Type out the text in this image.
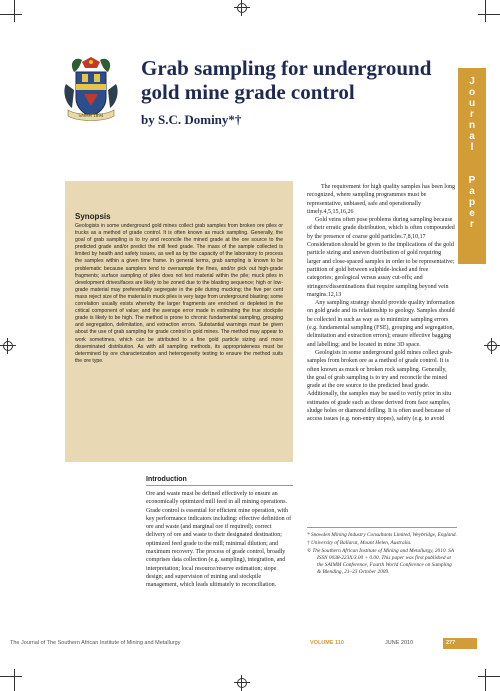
SAIMM 1894
Grab sampling for underground gold mine grade control
by S.C. Dominy*†
J
o
u
r
n
a
l

P
a
p
e
r
Synopsis
Geologists in some underground gold mines collect grab samples from broken ore piles or trucks as a method of grade control. It is often known as muck sampling. Generally, the goal of grab sampling is to try and reconcile the mined grade at the ore source to the predicted grade and/or predict the mill feed grade. The mass of the sample collected is limited by health and safety issues, as well as by the capacity of the laboratory to process the samples within a given time frame. In general terms, grab sampling is known to be problematic because samplers tend to oversample the fines, and/or pick out high-grade fragments; surface sampling of piles does not test material within the pile; muck piles in development drives/faces are likely to be zoned due to the blasting sequence; high or low-grade material may preferentially segregate in the pile during mucking; the five per cent mass reject size of the material in muck piles is very large from underground blasting; some correlation usually exists whereby the larger fragments are enriched or depleted in the critical component of value; and the average error made in estimating the true stockpile grade is likely to be high. The method is prone to chronic fundamental sampling, grouping and segregation, delimitation, and extraction errors. Substantial warnings must be given about the use of grab sampling for grade control in gold mines. The method may appear to work sometimes, which can be attributed to a fine gold particle sizing and more disseminated distribution. As with all sampling methods, its appropriateness must be determined by ore characterization and heterogeneity testing to ensure the method suits the ore type.
Introduction
Ore and waste must be defined effectively to ensure an economically optimized mill feed in all mining operations. Grade control is essential for efficient mine operation, with key performance indicators including: effective definition of ore and waste (and marginal ore if required); correct delivery of ore and waste to their designated destination; optimized feed grade to the mill; minimal dilution; and maximum recovery. The process of grade control, broadly comprises data collection (e.g. sampling), integration, and interpretation; local resource/reserve estimation; stope design; and supervision of mining and stockpile management, which leads ultimately to reconciliation.

The requirement for high quality samples has been long recognized, where sampling programmes must be representative, unbiased, safe and operationally timely.4,5,15,16,26

Gold veins often pose problems during sampling because of their erratic grade distribution, which is often compounded by the presence of coarse gold particles.7,8,10,17 Consideration should be given to the implications of the gold particle sizing and uneven distribution of gold requiring larger and close-spaced samples in order to be representative; partition of gold between sulphide-locked and free categories; geological versus assay cut-offs; and stringers/disseminations that require sampling beyond vein margins.12,13

Any sampling strategy should provide quality information on gold grade and its relationship to geology. Samples should be collected in such as way as to minimize sampling errors (e.g. fundamental sampling (FSE), grouping and segregation, delimitation and extraction errors); ensure effective bagging and labelling; and be located in mine 3D space.

Geologists in some underground gold mines collect grab-samples from broken ore as a method of grade control. It is often known as muck or broken rock sampling. Generally, the goal of grab sampling is to try and reconcile the mined grade at the ore source to the predicted head grade. Additionally, the samples may be used to verify prior in situ estimates of grade such as those derived from face samples, sludge holes or diamond drilling. It is often used because of access issues (e.g. non-entry stopes), safety (e.g. to avoid

* Snowden Mining Industry Consultants Limited, Weybridge, England.
† University of Ballarat, Mount Helen, Australia.
© The Southern African Institute of Mining and Metallurgy, 2010. SA ISSN 0038-223X/3.00 + 0.00. This paper was first published at the SAIMM Conference, Fourth World Conference on Sampling & Blending, 21–23 October 2009.
The Journal of The Southern African Institute of Mining and Metallurgy	VOLUME 110	JUNE 2010	277
